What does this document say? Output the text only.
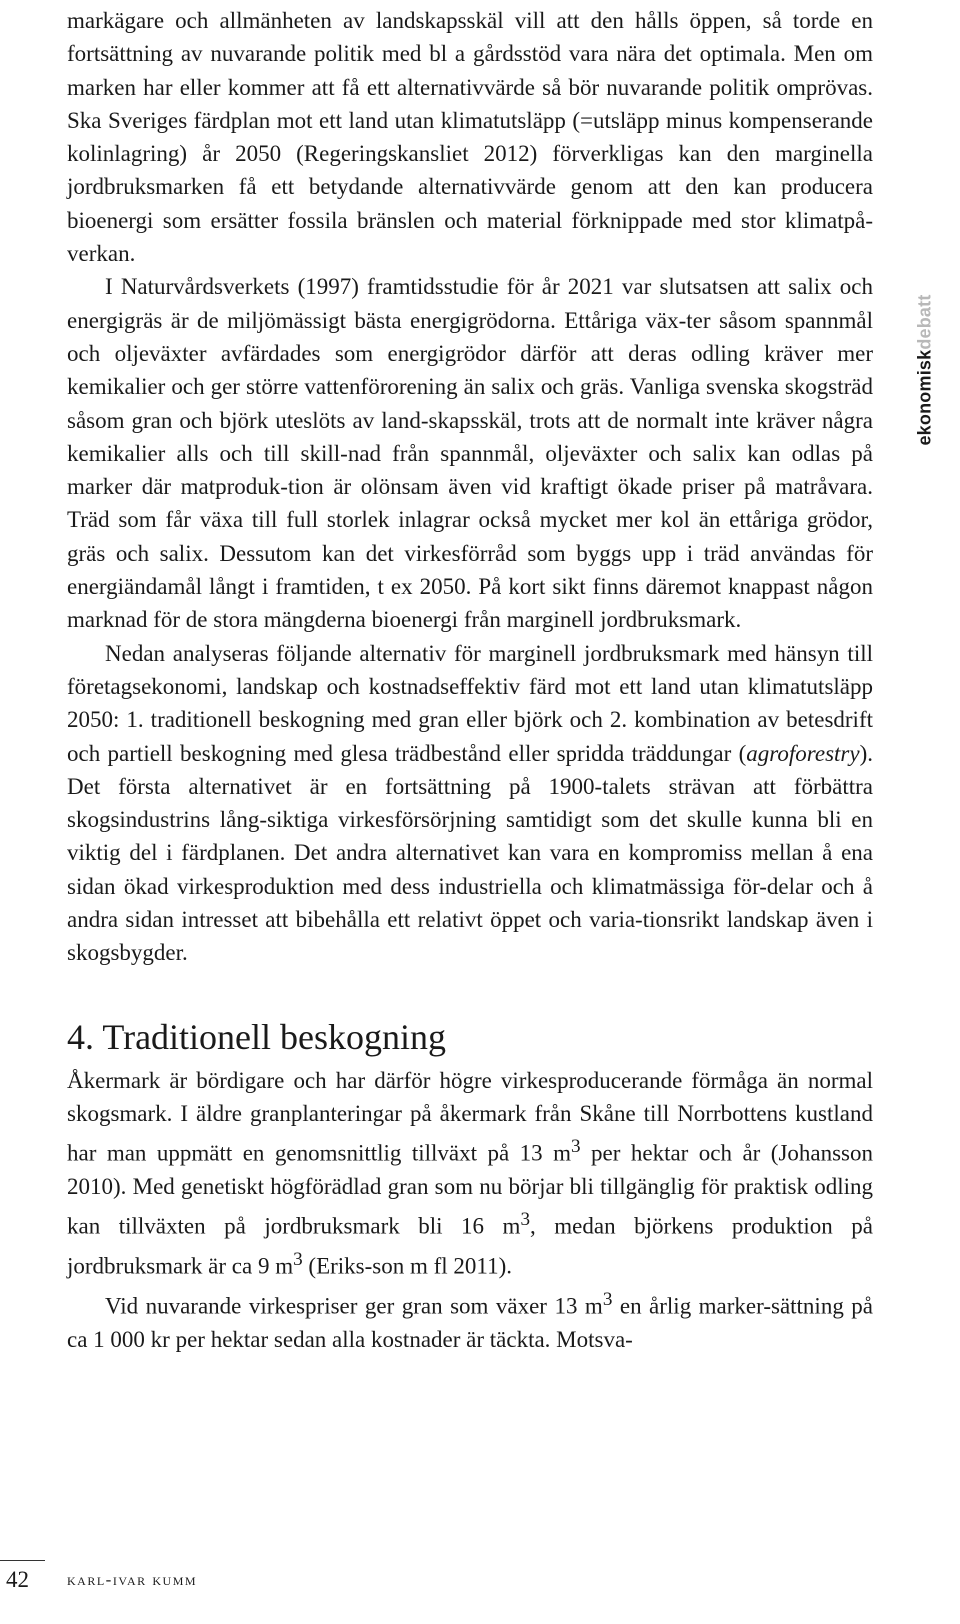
ekonomiskdebatt

markägare och allmänheten av landskapsskäl vill att den hålls öppen, så torde en fortsättning av nuvarande politik med bl a gårdsstöd vara nära det optimala. Men om marken har eller kommer att få ett alternativvärde så bör nuvarande politik omprövas. Ska Sveriges färdplan mot ett land utan klimatutsläpp (=utsläpp minus kompenserande kolinlagring) år 2050 (Regeringskansliet 2012) förverkligas kan den marginella jordbruksmarken få ett betydande alternativvärde genom att den kan producera bioenergi som ersätter fossila bränslen och material förknippade med stor klimatpå-verkan.

I Naturvårdsverkets (1997) framtidsstudie för år 2021 var slutsatsen att salix och energigräs är de miljömässigt bästa energigrödorna. Ettåriga väx-ter såsom spannmål och oljeväxter avfärdades som energigrödor därför att deras odling kräver mer kemikalier och ger större vattenförorening än salix och gräs. Vanliga svenska skogsträd såsom gran och björk uteslöts av land-skapsskäl, trots att de normalt inte kräver några kemikalier alls och till skill-nad från spannmål, oljeväxter och salix kan odlas på marker där matproduk-tion är olönsam även vid kraftigt ökade priser på matråvara. Träd som får växa till full storlek inlagrar också mycket mer kol än ettåriga grödor, gräs och salix. Dessutom kan det virkesförråd som byggs upp i träd användas för energiändamål långt i framtiden, t ex 2050. På kort sikt finns däremot knappast någon marknad för de stora mängderna bioenergi från marginell jordbruksmark.

Nedan analyseras följande alternativ för marginell jordbruksmark med hänsyn till företagsekonomi, landskap och kostnadseffektiv färd mot ett land utan klimatutsläpp 2050: 1. traditionell beskogning med gran eller björk och 2. kombination av betesdrift och partiell beskogning med glesa trädbestånd eller spridda träddungar (agroforestry). Det första alternativet är en fortsättning på 1900-talets strävan att förbättra skogsindustrins lång-siktiga virkesförsörjning samtidigt som det skulle kunna bli en viktig del i färdplanen. Det andra alternativet kan vara en kompromiss mellan å ena sidan ökad virkesproduktion med dess industriella och klimatmässiga för-delar och å andra sidan intresset att bibehålla ett relativt öppet och varia-tionsrikt landskap även i skogsbygder.

4. Traditionell beskogning

Åkermark är bördigare och har därför högre virkesproducerande förmåga än normal skogsmark. I äldre granplanteringar på åkermark från Skåne till Norrbottens kustland har man uppmätt en genomsnittlig tillväxt på 13 $m^3$ per hektar och år (Johansson 2010). Med genetiskt högförädlad gran som nu börjar bli tillgänglig för praktisk odling kan tillväxten på jordbruksmark bli 16 $m^3$, medan björkens produktion på jordbruksmark är ca 9 $m^3$ (Eriks-son m fl 2011).

Vid nuvarande virkespriser ger gran som växer 13 $m^3$ en årlig marker-sättning på ca 1 000 kr per hektar sedan alla kostnader är täckta. Motsva-

42 karl-ivar kumm
